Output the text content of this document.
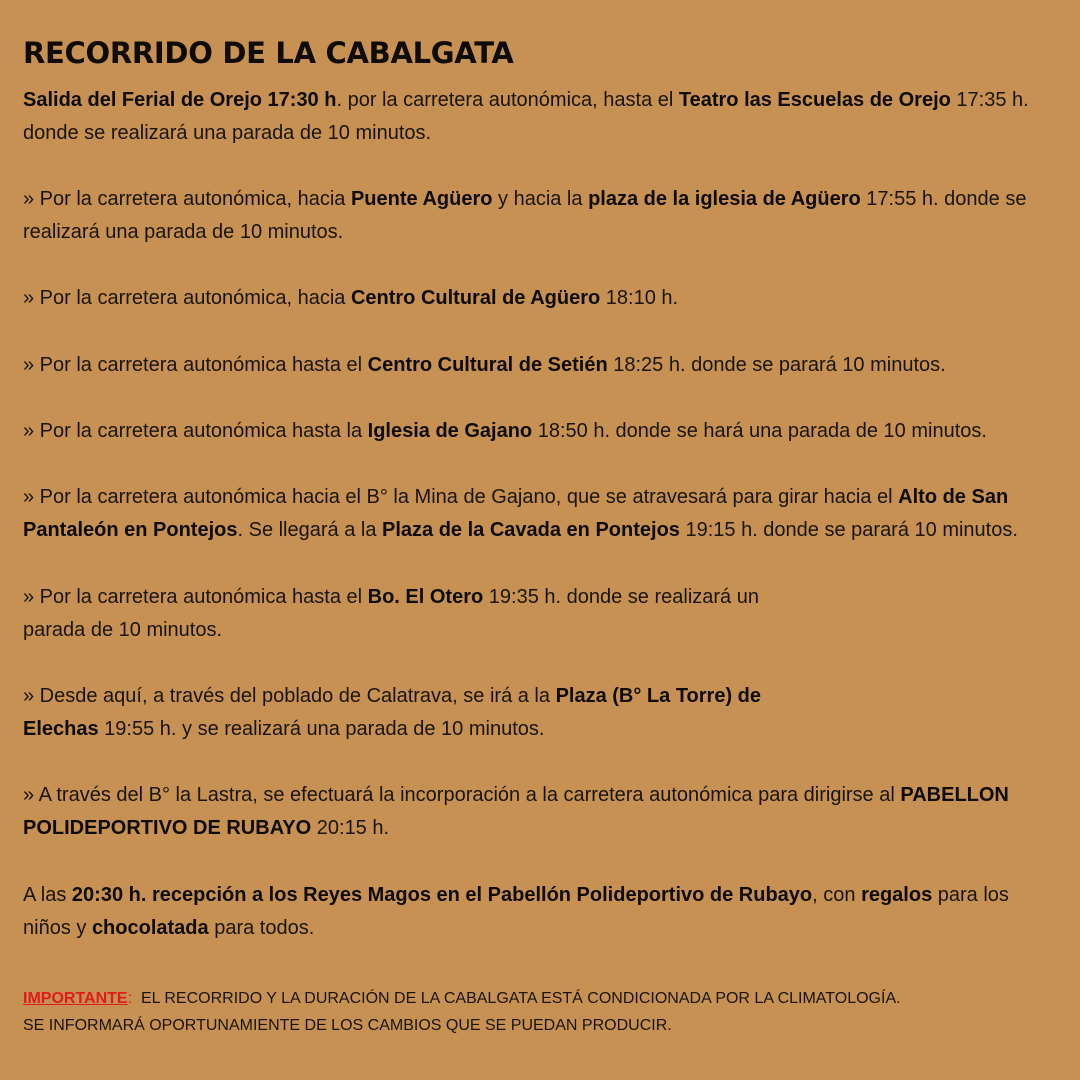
RECORRIDO DE LA CABALGATA

Salida del Ferial de Orejo 17:30 h. por la carretera autonómica, hasta el Teatro las Escuelas de Orejo 17:35 h.
donde se realizará una parada de 10 minutos.

» Por la carretera autonómica, hacia Puente Agüero y hacia la plaza de la iglesia de Agüero 17:55 h. donde se
realizará una parada de 10 minutos.

» Por la carretera autonómica, hacia Centro Cultural de Agüero 18:10 h.

» Por la carretera autonómica hasta el Centro Cultural de Setién 18:25 h. donde se parará 10 minutos.

» Por la carretera autonómica hasta la Iglesia de Gajano 18:50 h. donde se hará una parada de 10 minutos.

» Por la carretera autonómica hacia el B° la Mina de Gajano, que se atravesará para girar hacia el Alto de San
Pantaleón en Pontejos. Se llegará a la Plaza de la Cavada en Pontejos 19:15 h. donde se parará 10 minutos.

» Por la carretera autonómica hasta el Bo. El Otero 19:35 h. donde se realizará un
parada de 10 minutos.

» Desde aquí, a través del poblado de Calatrava, se irá a la Plaza (B° La Torre) de
Elechas 19:55 h. y se realizará una parada de 10 minutos.

» A través del B° la Lastra, se efectuará la incorporación a la carretera autonómica para dirigirse al PABELLON
POLIDEPORTIVO DE RUBAYO 20:15 h.

A las 20:30 h. recepción a los Reyes Magos en el Pabellón Polideportivo de Rubayo, con regalos para los
niños y chocolatada para todos.

IMPORTANTE:  EL RECORRIDO Y LA DURACIÓN DE LA CABALGATA ESTÁ CONDICIONADA POR LA CLIMATOLOGÍA.
SE INFORMARÁ OPORTUNAMIENTE DE LOS CAMBIOS QUE SE PUEDAN PRODUCIR.
